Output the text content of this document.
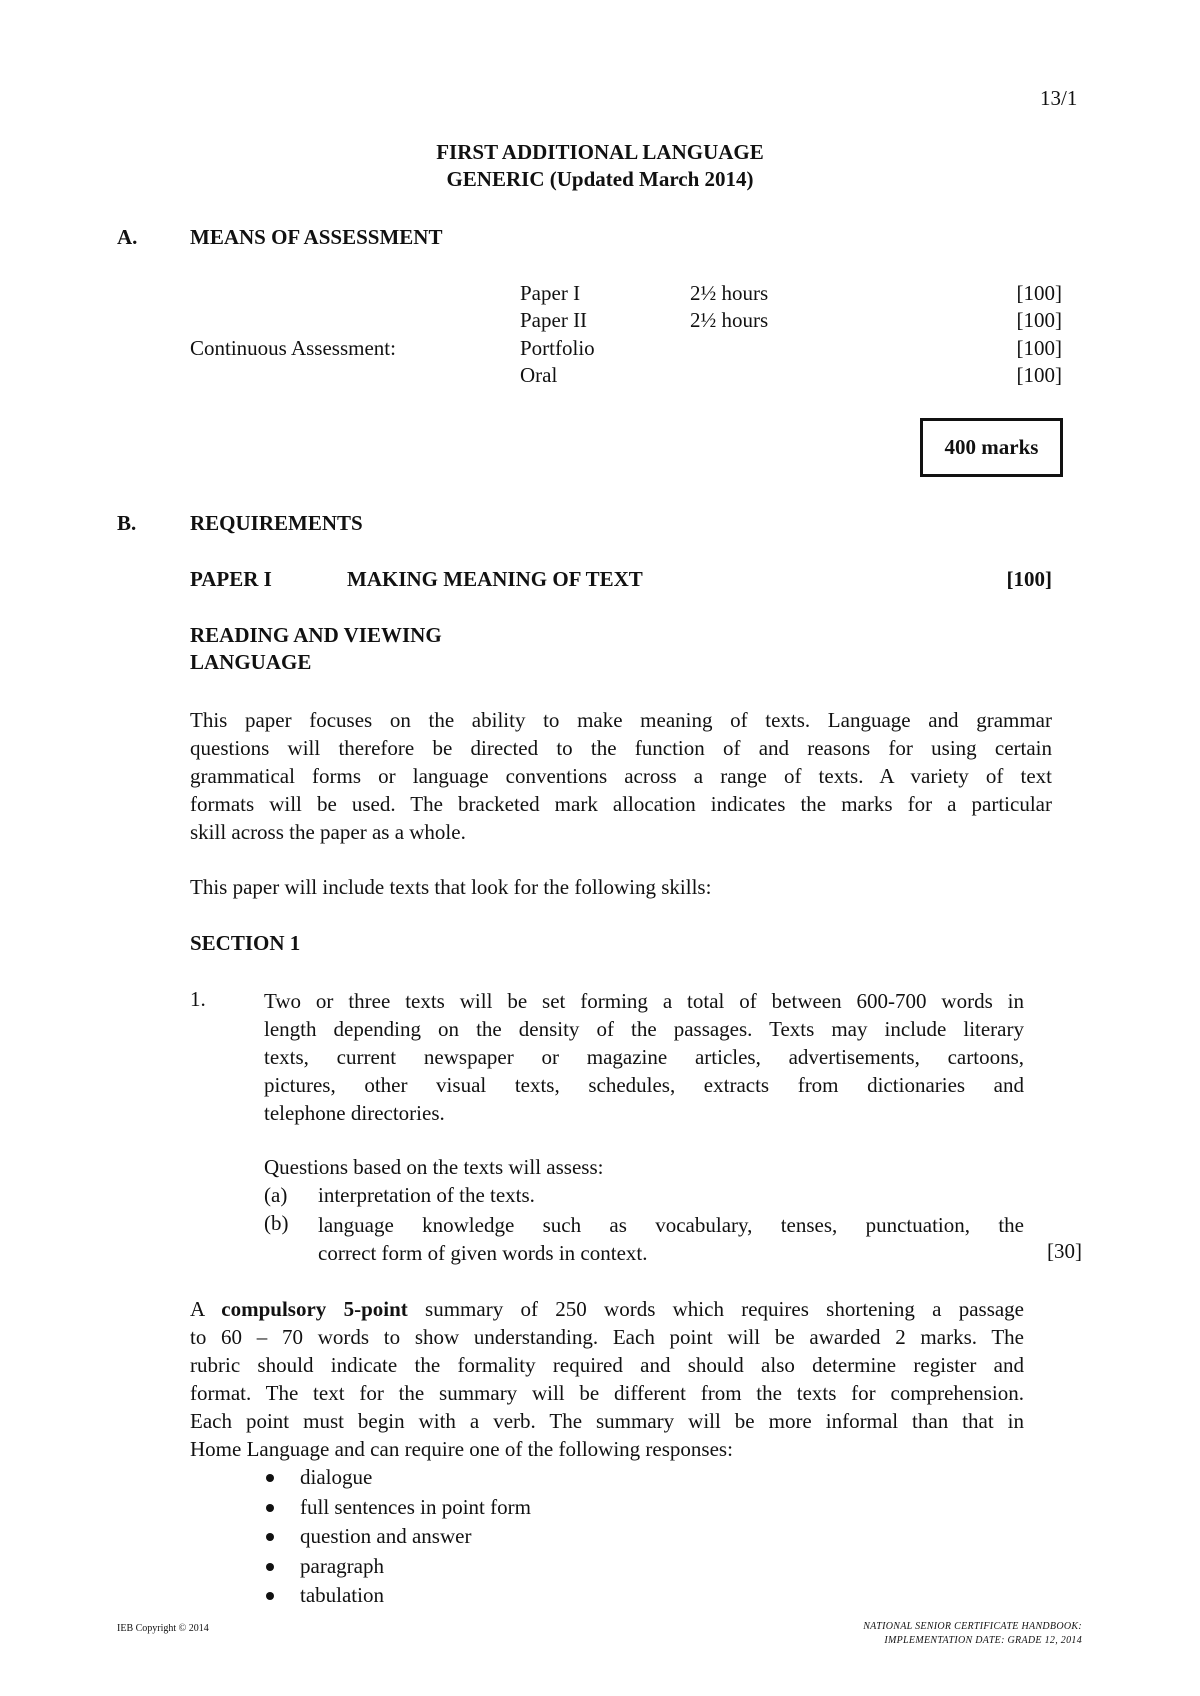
13/1
FIRST ADDITIONAL LANGUAGE
GENERIC (Updated March 2014)
A.	MEANS OF ASSESSMENT
Paper I	2½ hours	[100]
Paper II	2½ hours	[100]
Continuous Assessment:	Portfolio	[100]
Oral	[100]
400 marks
B.	REQUIREMENTS
PAPER I	MAKING MEANING OF TEXT	[100]
READING AND VIEWING
LANGUAGE
This paper focuses on the ability to make meaning of texts. Language and grammar
questions will therefore be directed to the function of and reasons for using certain
grammatical forms or language conventions across a range of texts. A variety of text
formats will be used. The bracketed mark allocation indicates the marks for a particular
skill across the paper as a whole.
This paper will include texts that look for the following skills:
SECTION 1
1.	Two or three texts will be set forming a total of between 600-700 words in
length depending on the density of the passages. Texts may include literary
texts, current newspaper or magazine articles, advertisements, cartoons,
pictures, other visual texts, schedules, extracts from dictionaries and
telephone directories.
Questions based on the texts will assess:
(a) interpretation of the texts.
(b) language knowledge such as vocabulary, tenses, punctuation, the
correct form of given words in context.	[30]
A compulsory 5-point summary of 250 words which requires shortening a passage
to 60 – 70 words to show understanding. Each point will be awarded 2 marks. The
rubric should indicate the formality required and should also determine register and
format. The text for the summary will be different from the texts for comprehension.
Each point must begin with a verb. The summary will be more informal than that in
Home Language and can require one of the following responses:
dialogue
full sentences in point form
question and answer
paragraph
tabulation
IEB Copyright © 2014	NATIONAL SENIOR CERTIFICATE HANDBOOK:
IMPLEMENTATION DATE: GRADE 12, 2014
